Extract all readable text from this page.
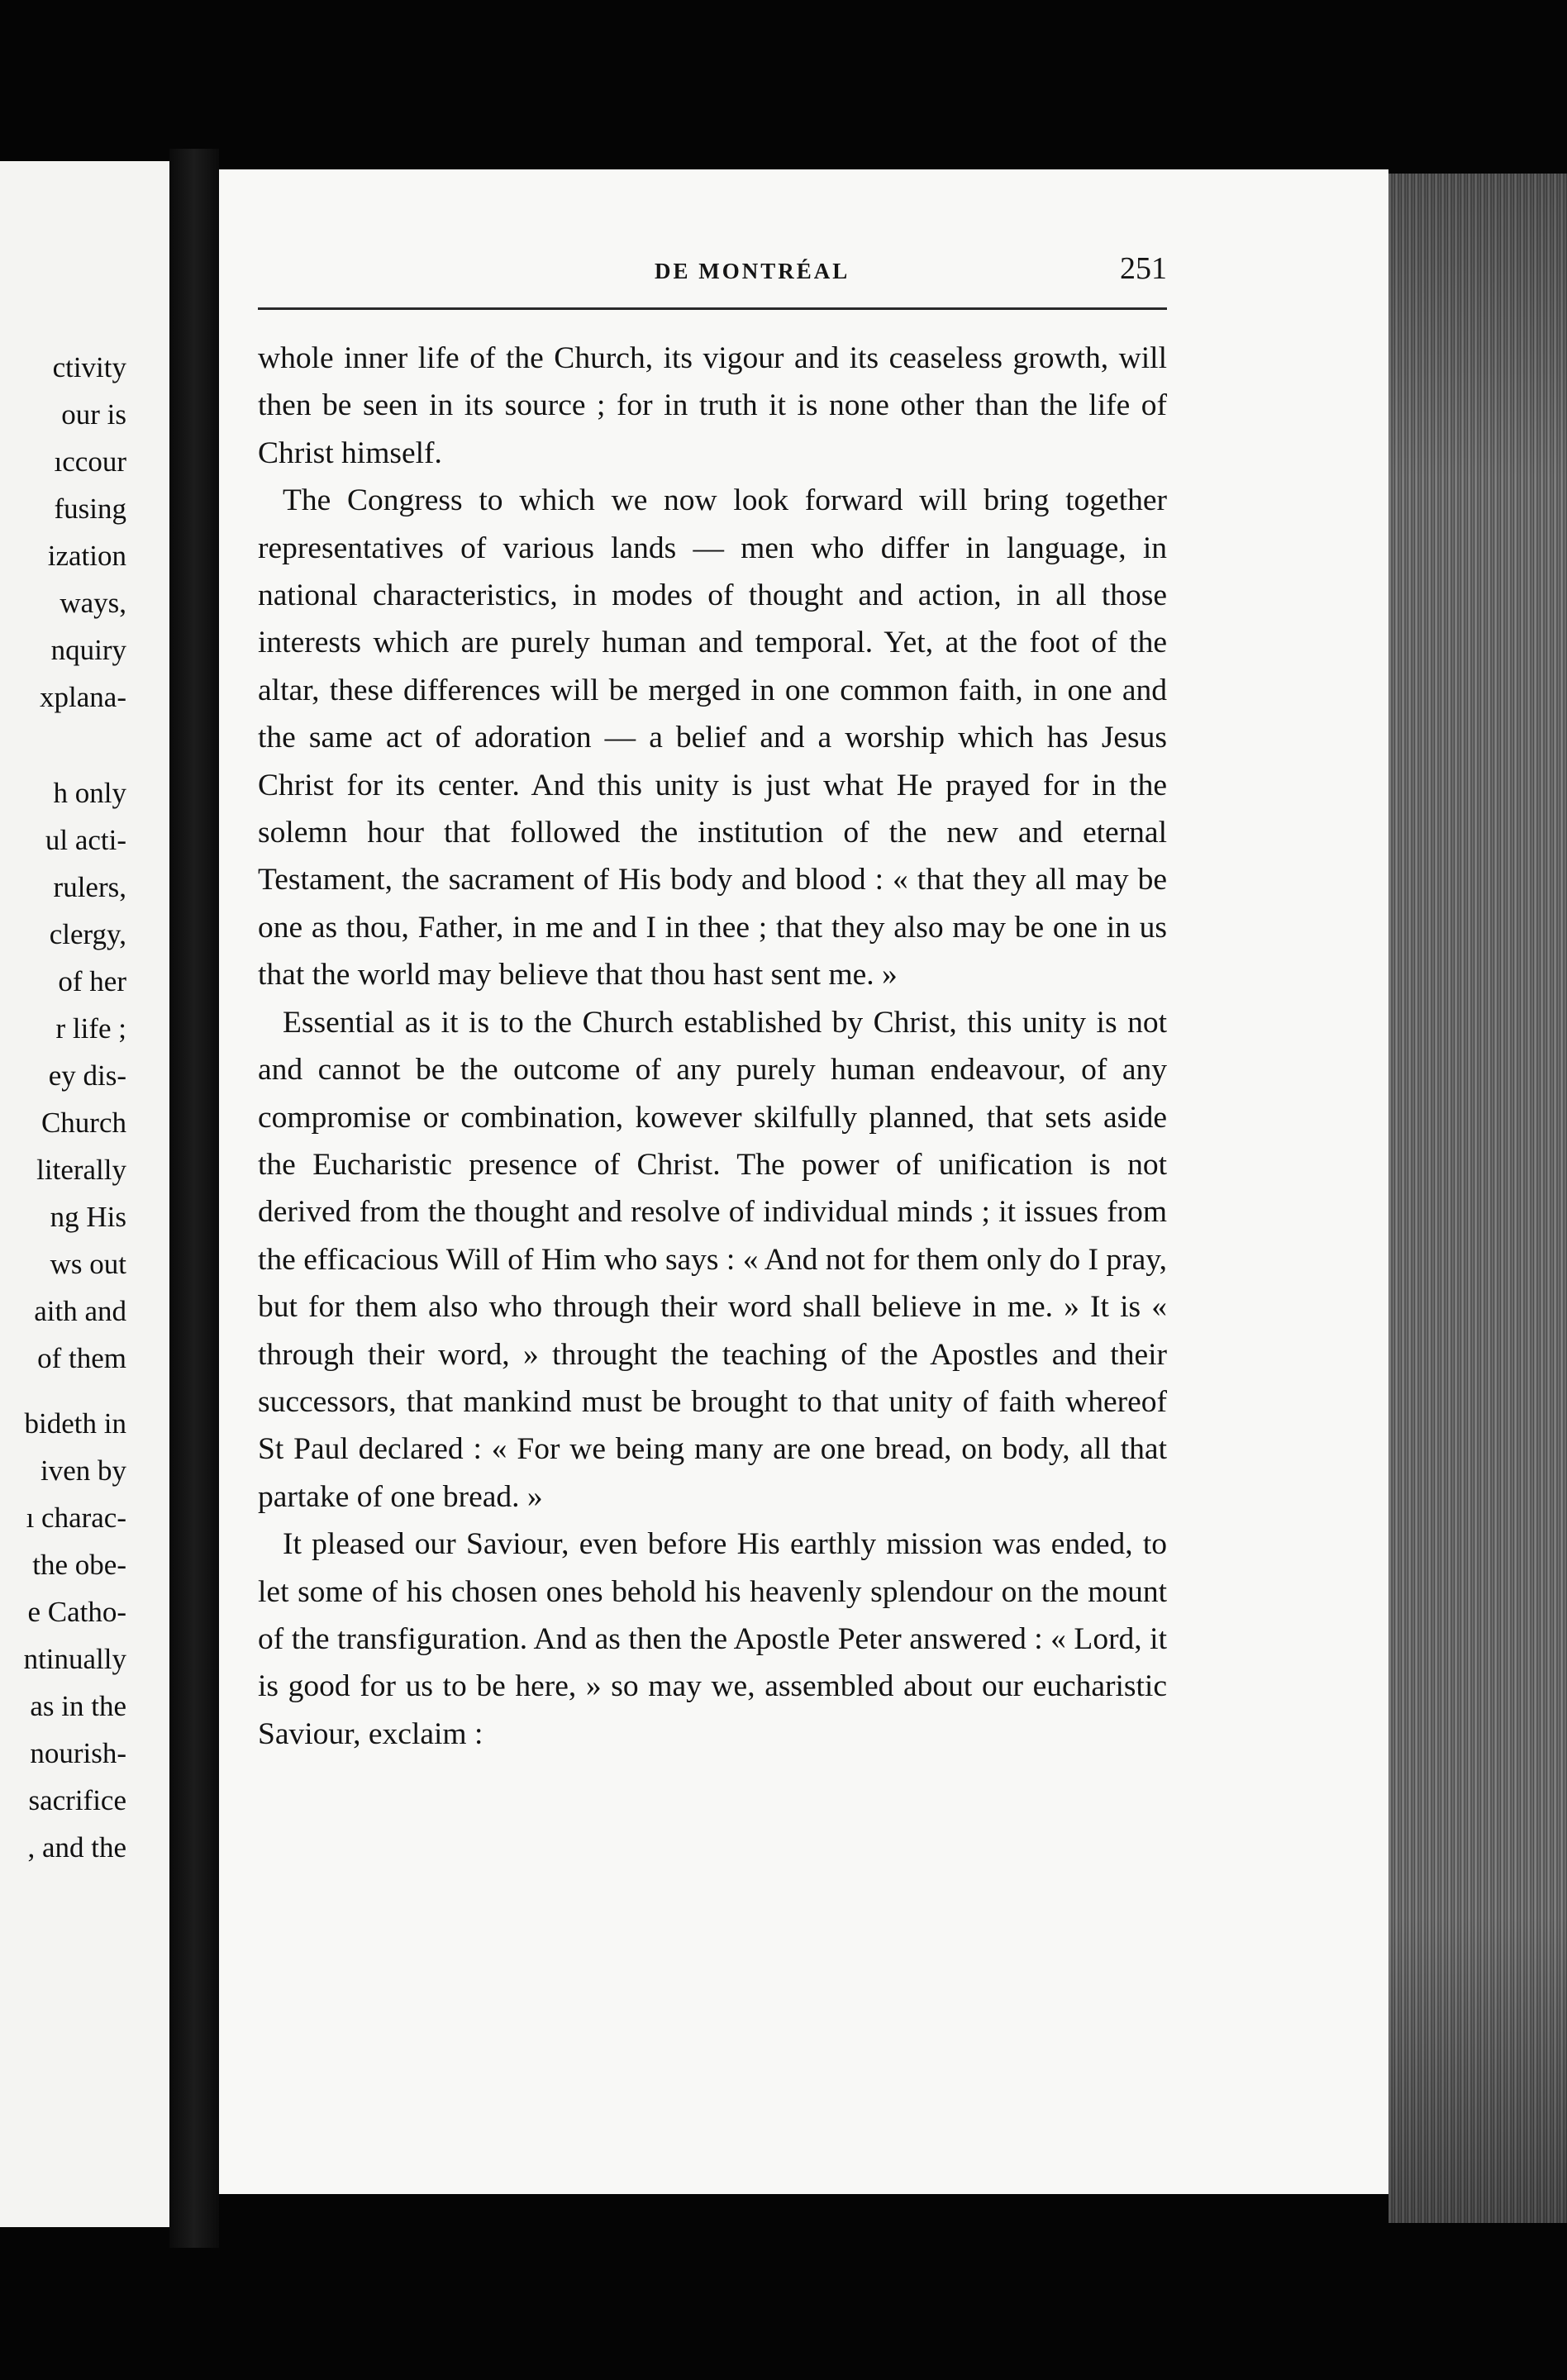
ctivity
our is
ıccour
fusing
ization
ways,
nquiry
xplana-
h only
ul acti-
rulers,
clergy,
of her
r life ;
ey dis-
Church
literally
ng His
ws out
aith and
of them
bideth in
iven by
ı charac-
the obe-
e Catho-
ntinually
as in the
nourish-
sacrifice
, and the
DE MONTRÉAL	251

whole inner life of the Church, its vigour and its ceaseless growth, will then be seen in its source ; for in truth it is none other than the life of Christ himself.

The Congress to which we now look forward will bring together representatives of various lands — men who differ in language, in national characteristics, in modes of thought and action, in all those interests which are purely human and temporal. Yet, at the foot of the altar, these differences will be merged in one common faith, in one and the same act of adoration — a belief and a worship which has Jesus Christ for its center. And this unity is just what He prayed for in the solemn hour that followed the institution of the new and eternal Testament, the sacrament of His body and blood : « that they all may be one as thou, Father, in me and I in thee ; that they also may be one in us that the world may believe that thou hast sent me. »

Essential as it is to the Church established by Christ, this unity is not and cannot be the outcome of any purely human endeavour, of any compromise or combination, kowever skilfully planned, that sets aside the Eucharistic presence of Christ. The power of unification is not derived from the thought and resolve of individual minds ; it issues from the efficacious Will of Him who says : « And not for them only do I pray, but for them also who through their word shall believe in me. » It is « through their word, » throught the teaching of the Apostles and their successors, that mankind must be brought to that unity of faith whereof St Paul declared : « For we being many are one bread, on body, all that partake of one bread. »

It pleased our Saviour, even before His earthly mission was ended, to let some of his chosen ones behold his heavenly splendour on the mount of the transfiguration. And as then the Apostle Peter answered : « Lord, it is good for us to be here, » so may we, assembled about our eucharistic Saviour, exclaim :
